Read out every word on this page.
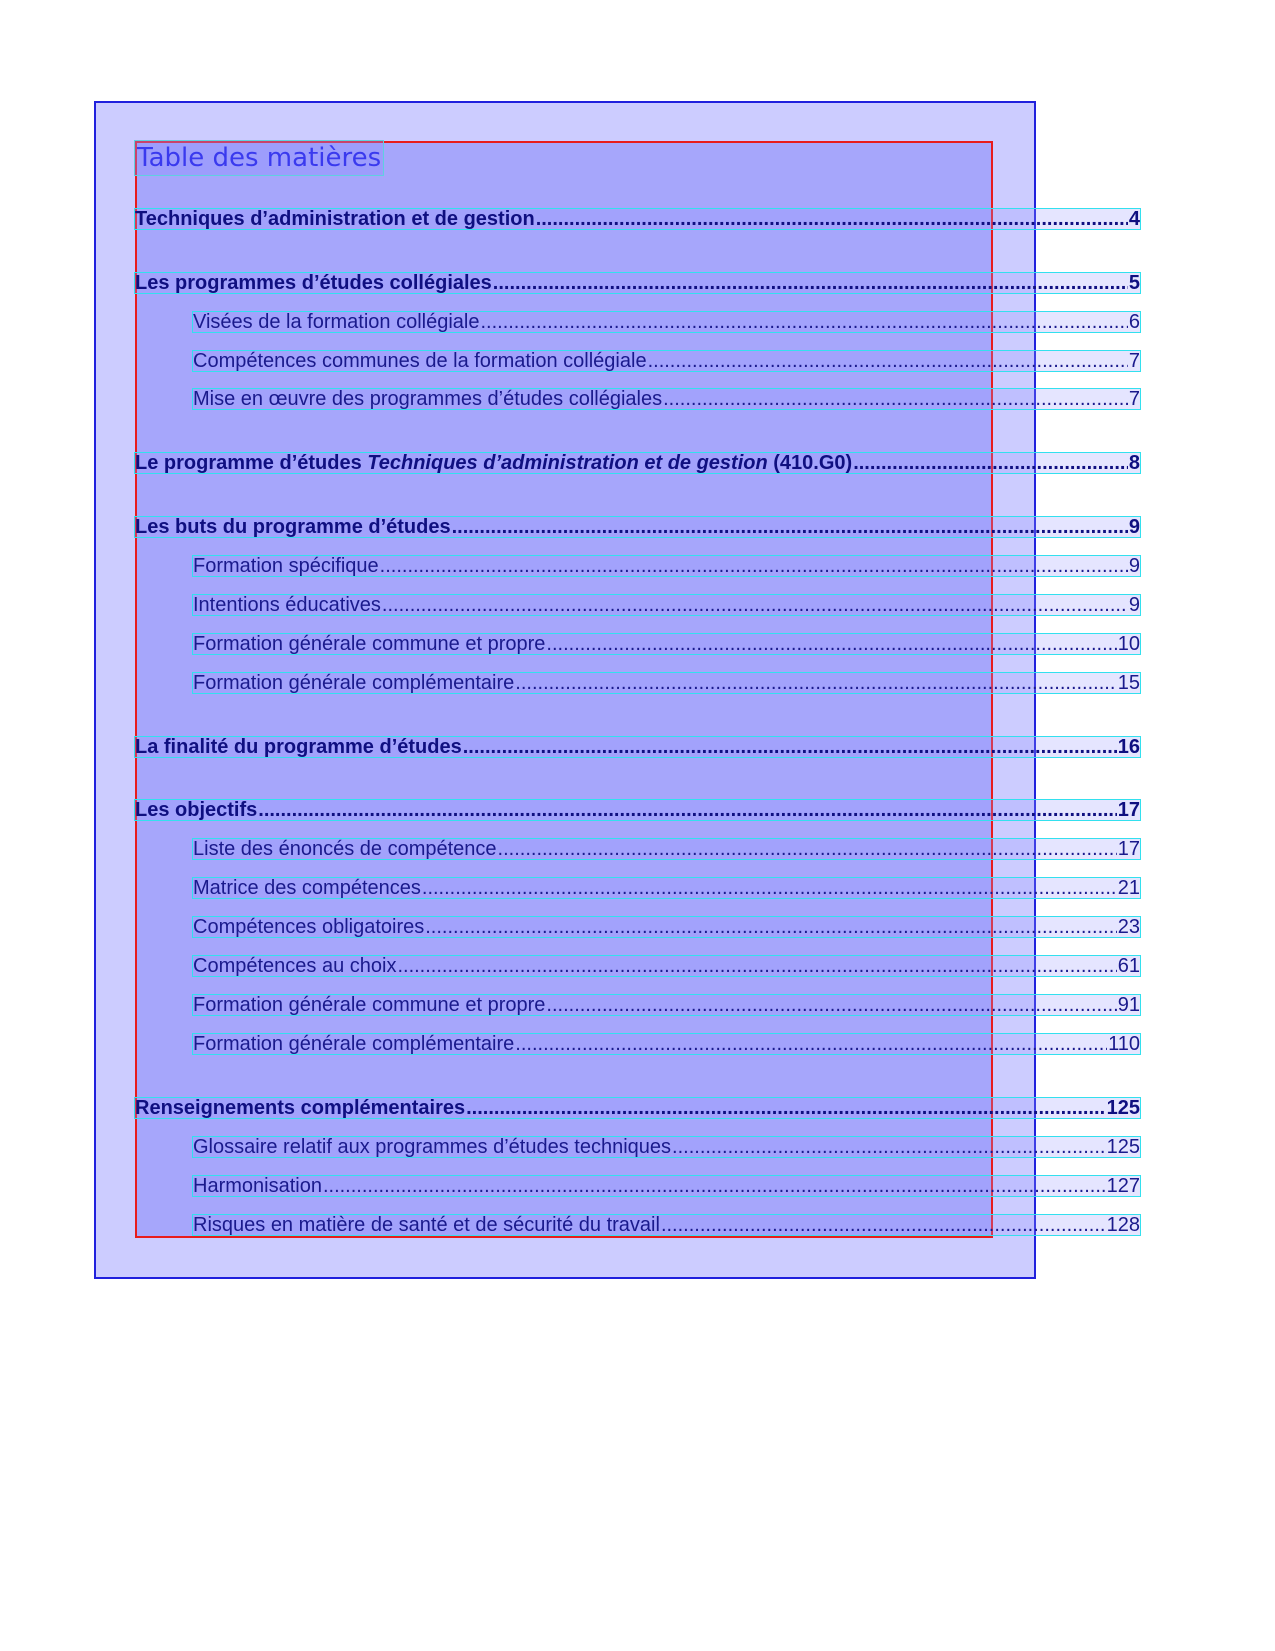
Table des matières
Techniques d’administration et de gestion .....	4
Les programmes d’études collégiales .....	5
Visées de la formation collégiale .....	6
Compétences communes de la formation collégiale .....	7
Mise en œuvre des programmes d’études collégiales .....	7
Le programme d’études Techniques d’administration et de gestion (410.G0) .....	8
Les buts du programme d’études .....	9
Formation spécifique .....	9
Intentions éducatives .....	9
Formation générale commune et propre .....	10
Formation générale complémentaire .....	15
La finalité du programme d’études .....	16
Les objectifs .....	17
Liste des énoncés de compétence .....	17
Matrice des compétences .....	21
Compétences obligatoires .....	23
Compétences au choix .....	61
Formation générale commune et propre .....	91
Formation générale complémentaire .....	110
Renseignements complémentaires .....	125
Glossaire relatif aux programmes d’études techniques .....	125
Harmonisation .....	127
Risques en matière de santé et de sécurité du travail .....	128
